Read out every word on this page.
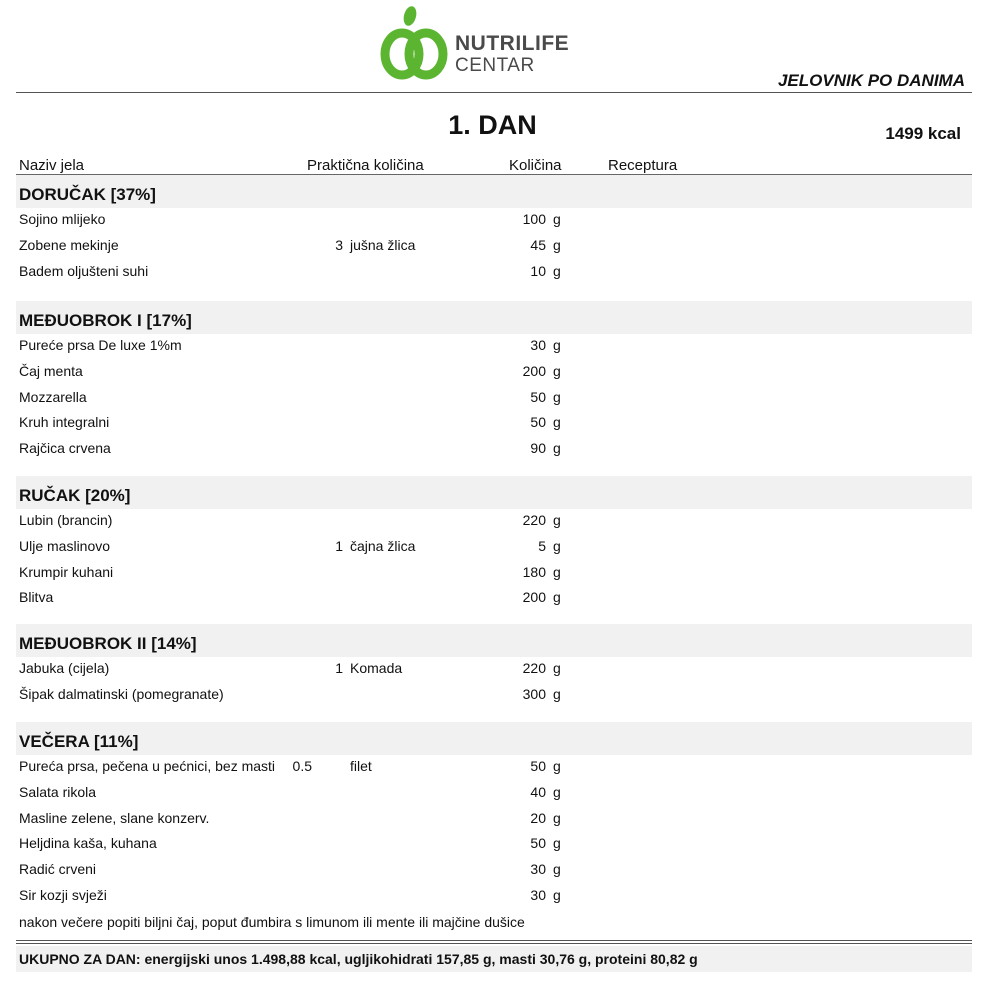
NUTRILIFE
CENTAR
JELOVNIK PO DANIMA
1. DAN	1499 kcal
Naziv jela	Praktična količina	Količina	Receptura
DORUČAK [37%]
Sojino mlijeko	100 g
Zobene mekinje	3 jušna žlica	45 g
Badem oljušteni suhi	10 g
MEĐUOBROK I [17%]
Pureće prsa De luxe 1%m	30 g
Čaj menta	200 g
Mozzarella	50 g
Kruh integralni	50 g
Rajčica crvena	90 g
RUČAK [20%]
Lubin (brancin)	220 g
Ulje maslinovo	1 čajna žlica	5 g
Krumpir kuhani	180 g
Blitva	200 g
MEĐUOBROK II [14%]
Jabuka (cijela)	1 Komada	220 g
Šipak dalmatinski (pomegranate)	300 g
VEČERA [11%]
Pureća prsa, pečena u pećnici, bez masti	0.5	filet	50 g
Salata rikola	40 g
Masline zelene, slane konzerv.	20 g
Heljdina kaša, kuhana	50 g
Radić crveni	30 g
Sir kozji svježi	30 g
nakon večere popiti biljni čaj, poput đumbira s limunom ili mente ili majčine dušice
UKUPNO ZA DAN: energijski unos 1.498,88 kcal, ugljikohidrati 157,85 g, masti 30,76 g, proteini 80,82 g
